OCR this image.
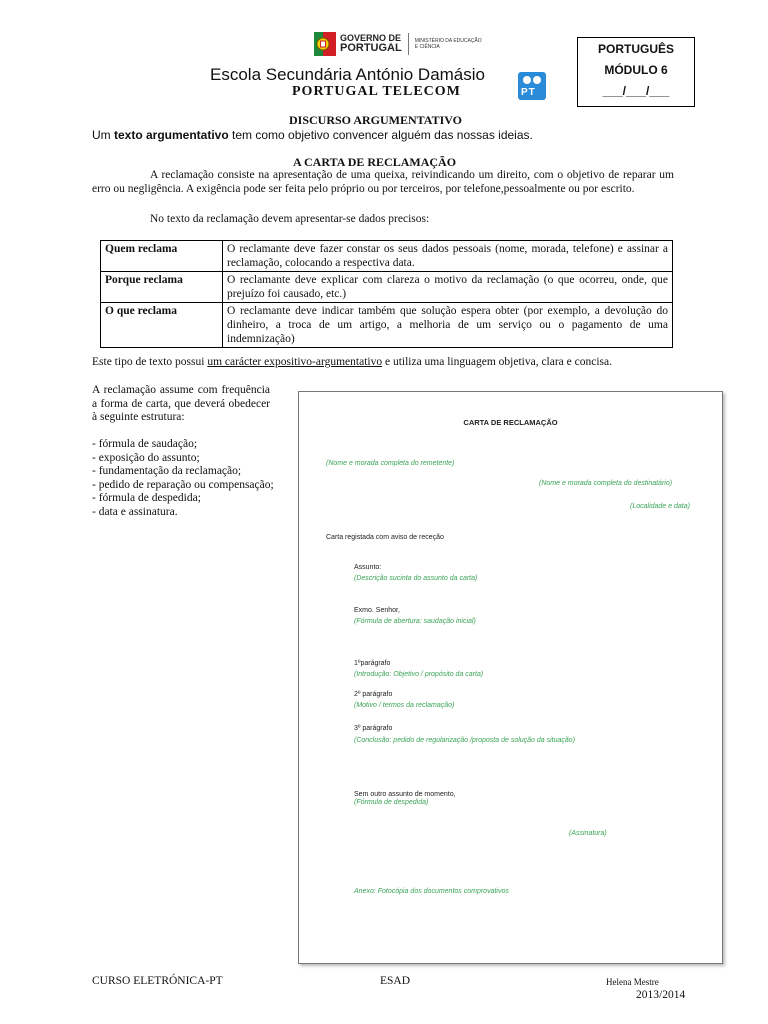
GOVERNO DE
PORTUGAL
MINISTÉRIO DA EDUCAÇÃO
E CIÊNCIA
Escola Secundária António Damásio
PORTUGAL TELECOM	PT
PORTUGUÊS
MÓDULO 6
___/___/___
DISCURSO ARGUMENTATIVO
Um texto argumentativo tem como objetivo convencer alguém das nossas ideias.
A CARTA DE RECLAMAÇÃO
A reclamação consiste na apresentação de uma queixa, reivindicando um direito, com o objetivo de reparar um erro ou negligência. A exigência pode ser feita pelo próprio ou por terceiros, por telefone,pessoalmente ou por escrito.
No texto da reclamação devem apresentar-se dados precisos:
Quem reclama	O reclamante deve fazer constar os seus dados pessoais (nome, morada, telefone) e assinar a reclamação, colocando a respectiva data.
Porque reclama	O reclamante deve explicar com clareza o motivo da reclamação (o que ocorreu, onde, que prejuízo foi causado, etc.)
O que reclama	O reclamante deve indicar também que solução espera obter (por exemplo, a devolução do dinheiro, a troca de um artigo, a melhoria de um serviço ou o pagamento de uma indemnização)
Este tipo de texto possui um carácter expositivo-argumentativo e utiliza uma linguagem objetiva, clara e concisa.
A reclamação assume com frequência a forma de carta, que deverá obedecer à seguinte estrutura:
- fórmula de saudação;
- exposição do assunto;
- fundamentação da reclamação;
- pedido de reparação ou compensação;
- fórmula de despedida;
- data e assinatura.
CARTA DE RECLAMAÇÃO
(Nome e morada completa do remetente)
(Nome e morada completa do destinatário)
(Localidade e data)
Carta registada com aviso de receção
Assunto:
(Descrição sucinta do assunto da carta)
Exmo. Senhor,
(Fórmula de abertura: saudação inicial)
1ºparágrafo
(Introdução: Objetivo / propósito da carta)
2º parágrafo
(Motivo / termos da reclamação)
3º parágrafo
(Conclusão: pedido de regularização /proposta de solução da situação)
Sem outro assunto de momento,
(Fórmula de despedida)
(Assinatura)
Anexo: Fotocópia dos documentos comprovativos
CURSO ELETRÓNICA-PT	ESAD	Helena Mestre
2013/2014
